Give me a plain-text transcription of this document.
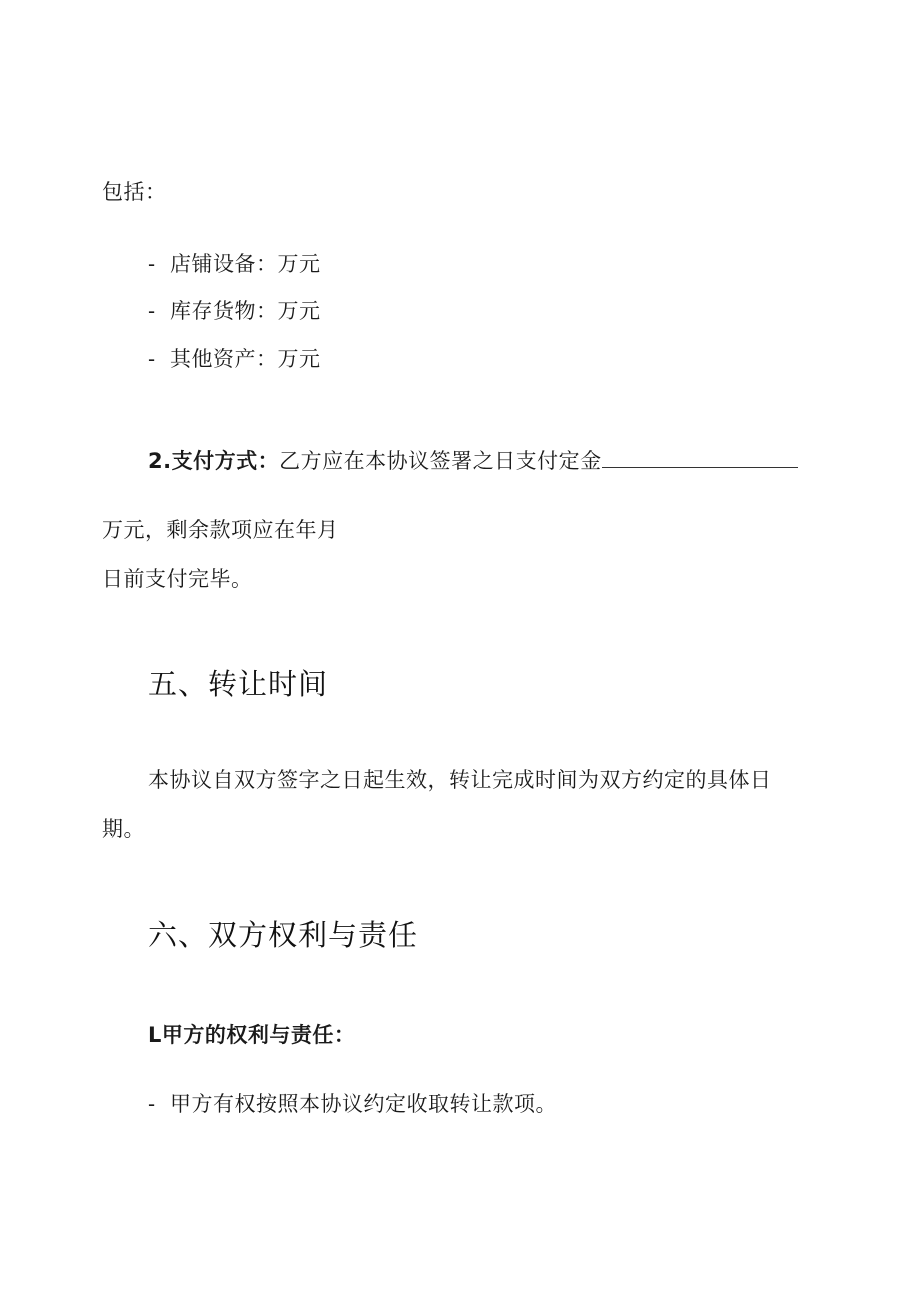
包括：
- 店铺设备：万元
- 库存货物：万元
- 其他资产：万元
2.支付方式：乙方应在本协议签署之日支付定金
万元，剩余款项应在年月
日前支付完毕。
五、转让时间
本协议自双方签字之日起生效，转让完成时间为双方约定的具体日
期。
六、双方权利与责任
L甲方的权利与责任：
- 甲方有权按照本协议约定收取转让款项。
